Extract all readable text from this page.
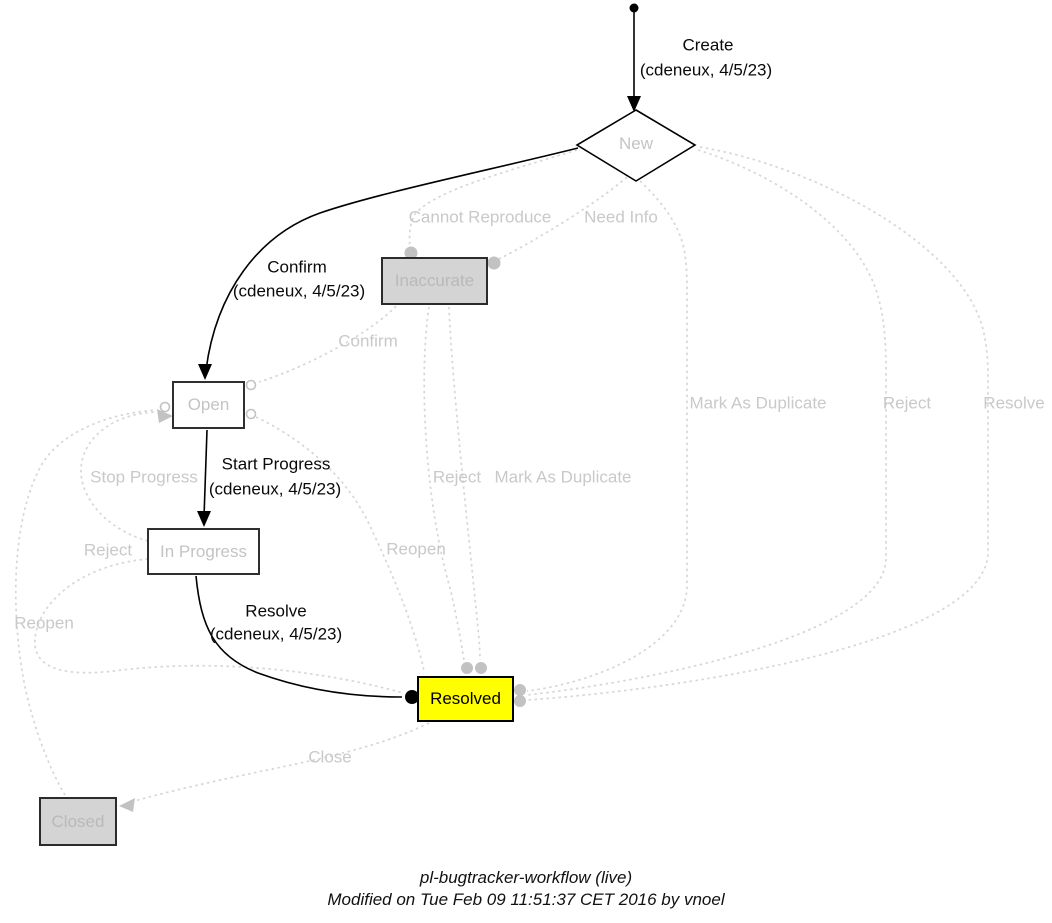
New
Inaccurate
Open
In Progress
Resolved
Closed
Create
(cdeneux, 4/5/23)
Confirm
(cdeneux, 4/5/23)
Start Progress
(cdeneux, 4/5/23)
Resolve
(cdeneux, 4/5/23)
Cannot Reproduce Need Info
Confirm
Mark As Duplicate	Reject	Resolve
Reject Mark As Duplicate
Reopen
Stop Progress
Reject
Reopen
Close
pl-bugtracker-workflow (live)
Modified on Tue Feb 09 11:51:37 CET 2016 by vnoel
